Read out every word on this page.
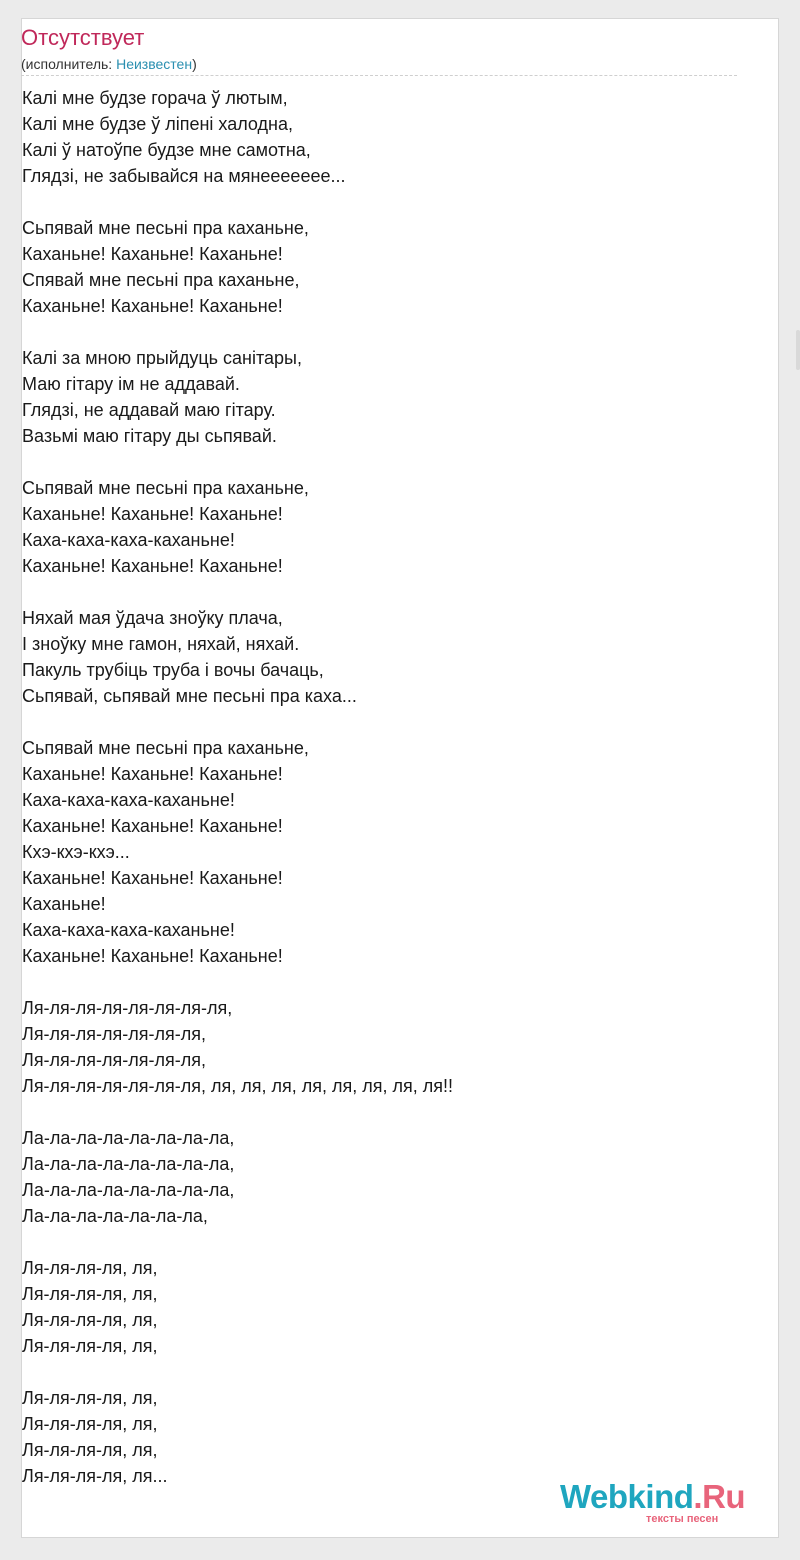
Отсутствует
(исполнитель: Неизвестен)
Калі мне будзе горача ў лютым,
Калі мне будзе ў ліпені халодна,
Калі ў натоўпе будзе мне самотна,
Глядзі, не забывайся на мянеееееее...
Сьпявай мне песьні пра каханьне,
Каханьне! Каханьне! Каханьне!
Спявай мне песьні пра каханьне,
Каханьне! Каханьне! Каханьне!
Калі за мною прыйдуць санітары,
Маю гітару ім не аддавай.
Глядзі, не аддавай маю гітару.
Вазьмі маю гітару ды сьпявай.
Сьпявай мне песьні пра каханьне,
Каханьне! Каханьне! Каханьне!
Каха-каха-каха-каханьне!
Каханьне! Каханьне! Каханьне!
Няхай мая ўдача зноўку плача,
І зноўку мне гамон, няхай, няхай.
Пакуль трубіць труба і вочы бачаць,
Сьпявай, сьпявай мне песьні пра каха...
Сьпявай мне песьні пра каханьне,
Каханьне! Каханьне! Каханьне!
Каха-каха-каха-каханьне!
Каханьне! Каханьне! Каханьне!
Кхэ-кхэ-кхэ...
Каханьне! Каханьне! Каханьне!
Каханьне!
Каха-каха-каха-каханьне!
Каханьне! Каханьне! Каханьне!
Ля-ля-ля-ля-ля-ля-ля-ля,
Ля-ля-ля-ля-ля-ля-ля,
Ля-ля-ля-ля-ля-ля-ля,
Ля-ля-ля-ля-ля-ля-ля, ля, ля, ля, ля, ля, ля, ля, ля!!
Ла-ла-ла-ла-ла-ла-ла-ла,
Ла-ла-ла-ла-ла-ла-ла-ла,
Ла-ла-ла-ла-ла-ла-ла-ла,
Ла-ла-ла-ла-ла-ла-ла,
Ля-ля-ля-ля, ля,
Ля-ля-ля-ля, ля,
Ля-ля-ля-ля, ля,
Ля-ля-ля-ля, ля,
Ля-ля-ля-ля, ля,
Ля-ля-ля-ля, ля,
Ля-ля-ля-ля, ля,
Ля-ля-ля-ля, ля...
Webkind.Ru
тексты песен
